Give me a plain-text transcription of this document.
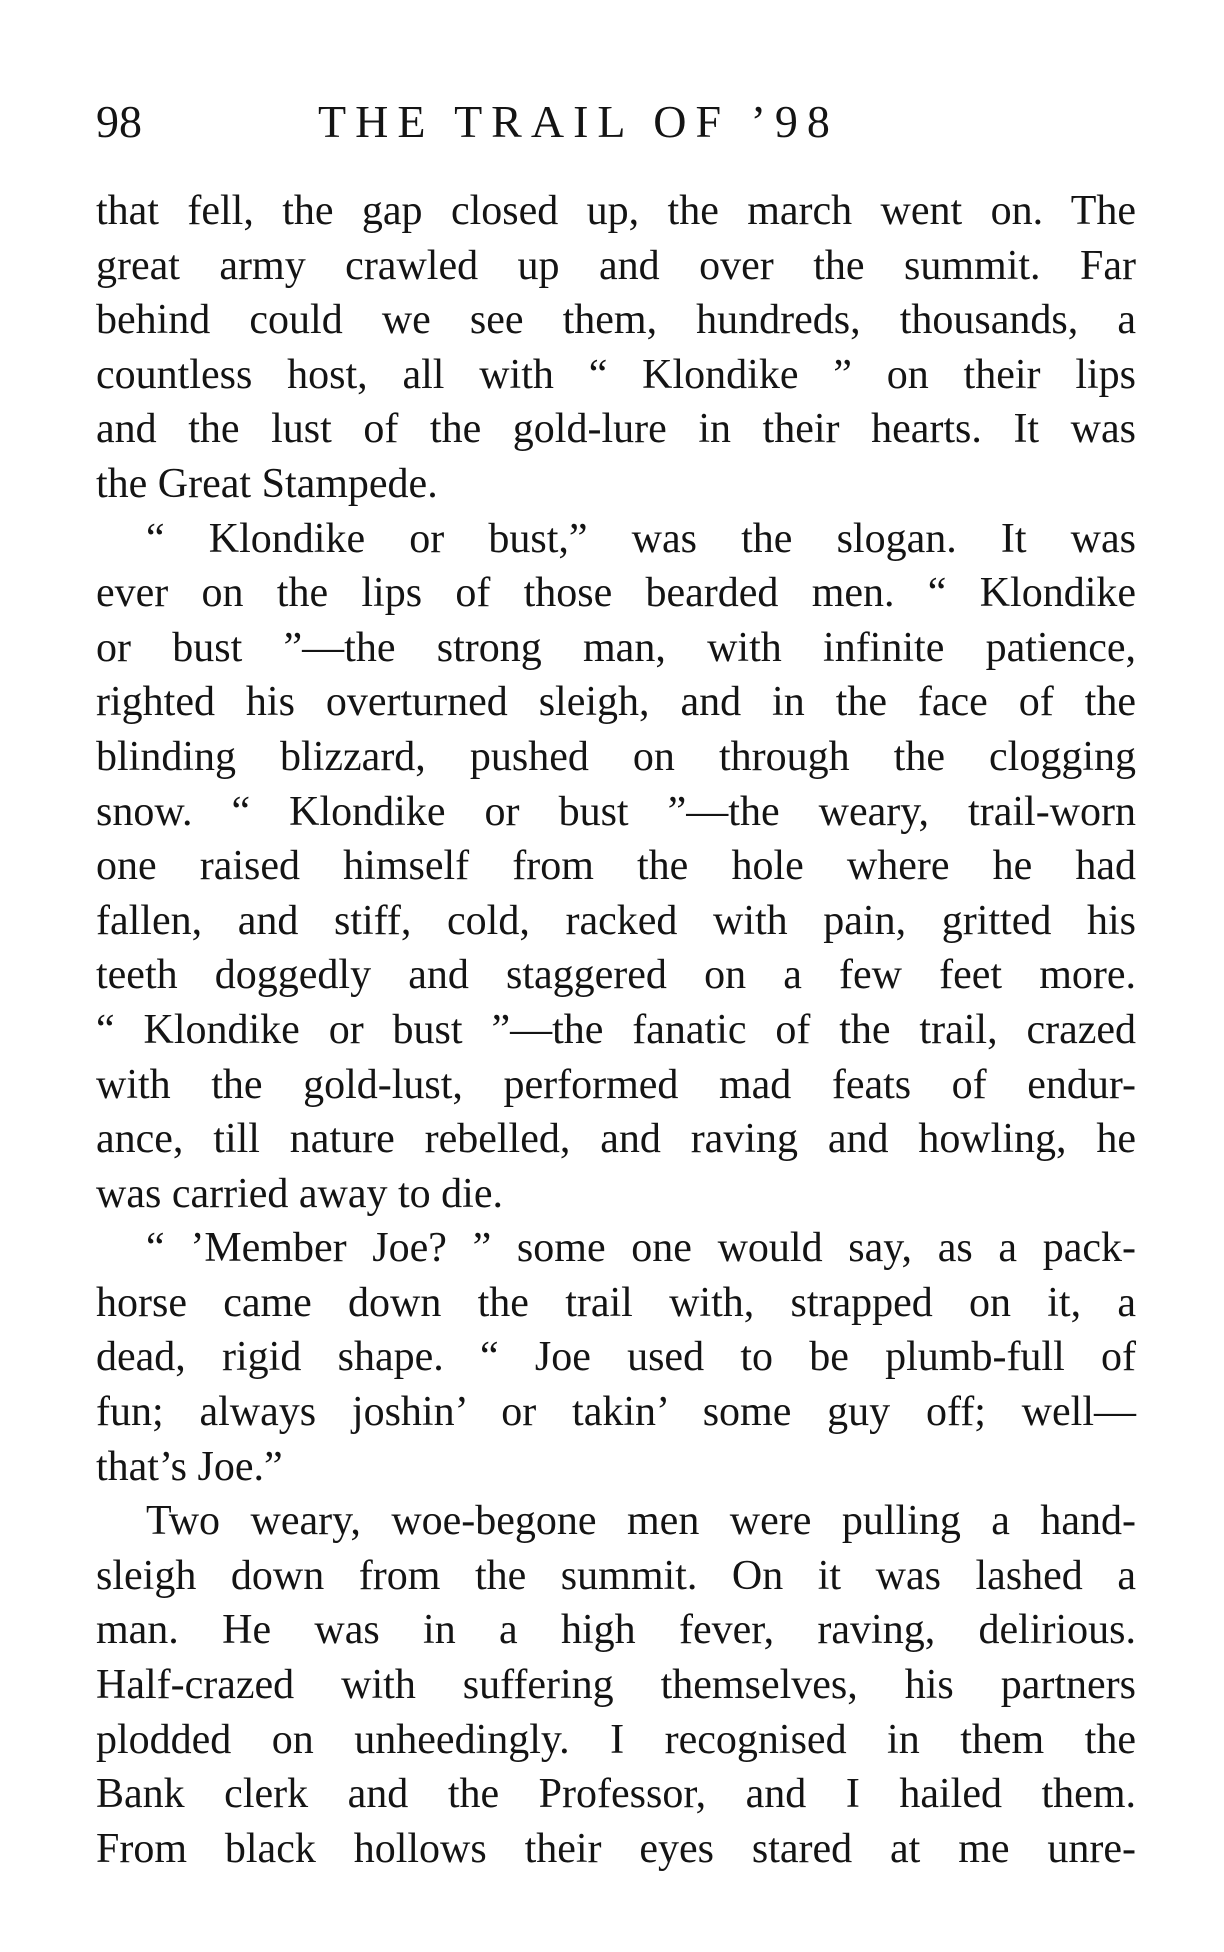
98	THE TRAIL OF ’98
that fell, the gap closed up, the march went on. The
great army crawled up and over the summit. Far
behind could we see them, hundreds, thousands, a
countless host, all with “ Klondike ” on their lips
and the lust of the gold-lure in their hearts. It was
the Great Stampede.
“ Klondike or bust,” was the slogan. It was
ever on the lips of those bearded men. “ Klondike
or bust ”—the strong man, with infinite patience,
righted his overturned sleigh, and in the face of the
blinding blizzard, pushed on through the clogging
snow. “ Klondike or bust ”—the weary, trail-worn
one raised himself from the hole where he had
fallen, and stiff, cold, racked with pain, gritted his
teeth doggedly and staggered on a few feet more.
“ Klondike or bust ”—the fanatic of the trail, crazed
with the gold-lust, performed mad feats of endur-
ance, till nature rebelled, and raving and howling, he
was carried away to die.
“ ’Member Joe? ” some one would say, as a pack-
horse came down the trail with, strapped on it, a
dead, rigid shape. “ Joe used to be plumb-full of
fun; always joshin’ or takin’ some guy off; well—
that’s Joe.”
Two weary, woe-begone men were pulling a hand-
sleigh down from the summit. On it was lashed a
man. He was in a high fever, raving, delirious.
Half-crazed with suffering themselves, his partners
plodded on unheedingly. I recognised in them the
Bank clerk and the Professor, and I hailed them.
From black hollows their eyes stared at me unre-
